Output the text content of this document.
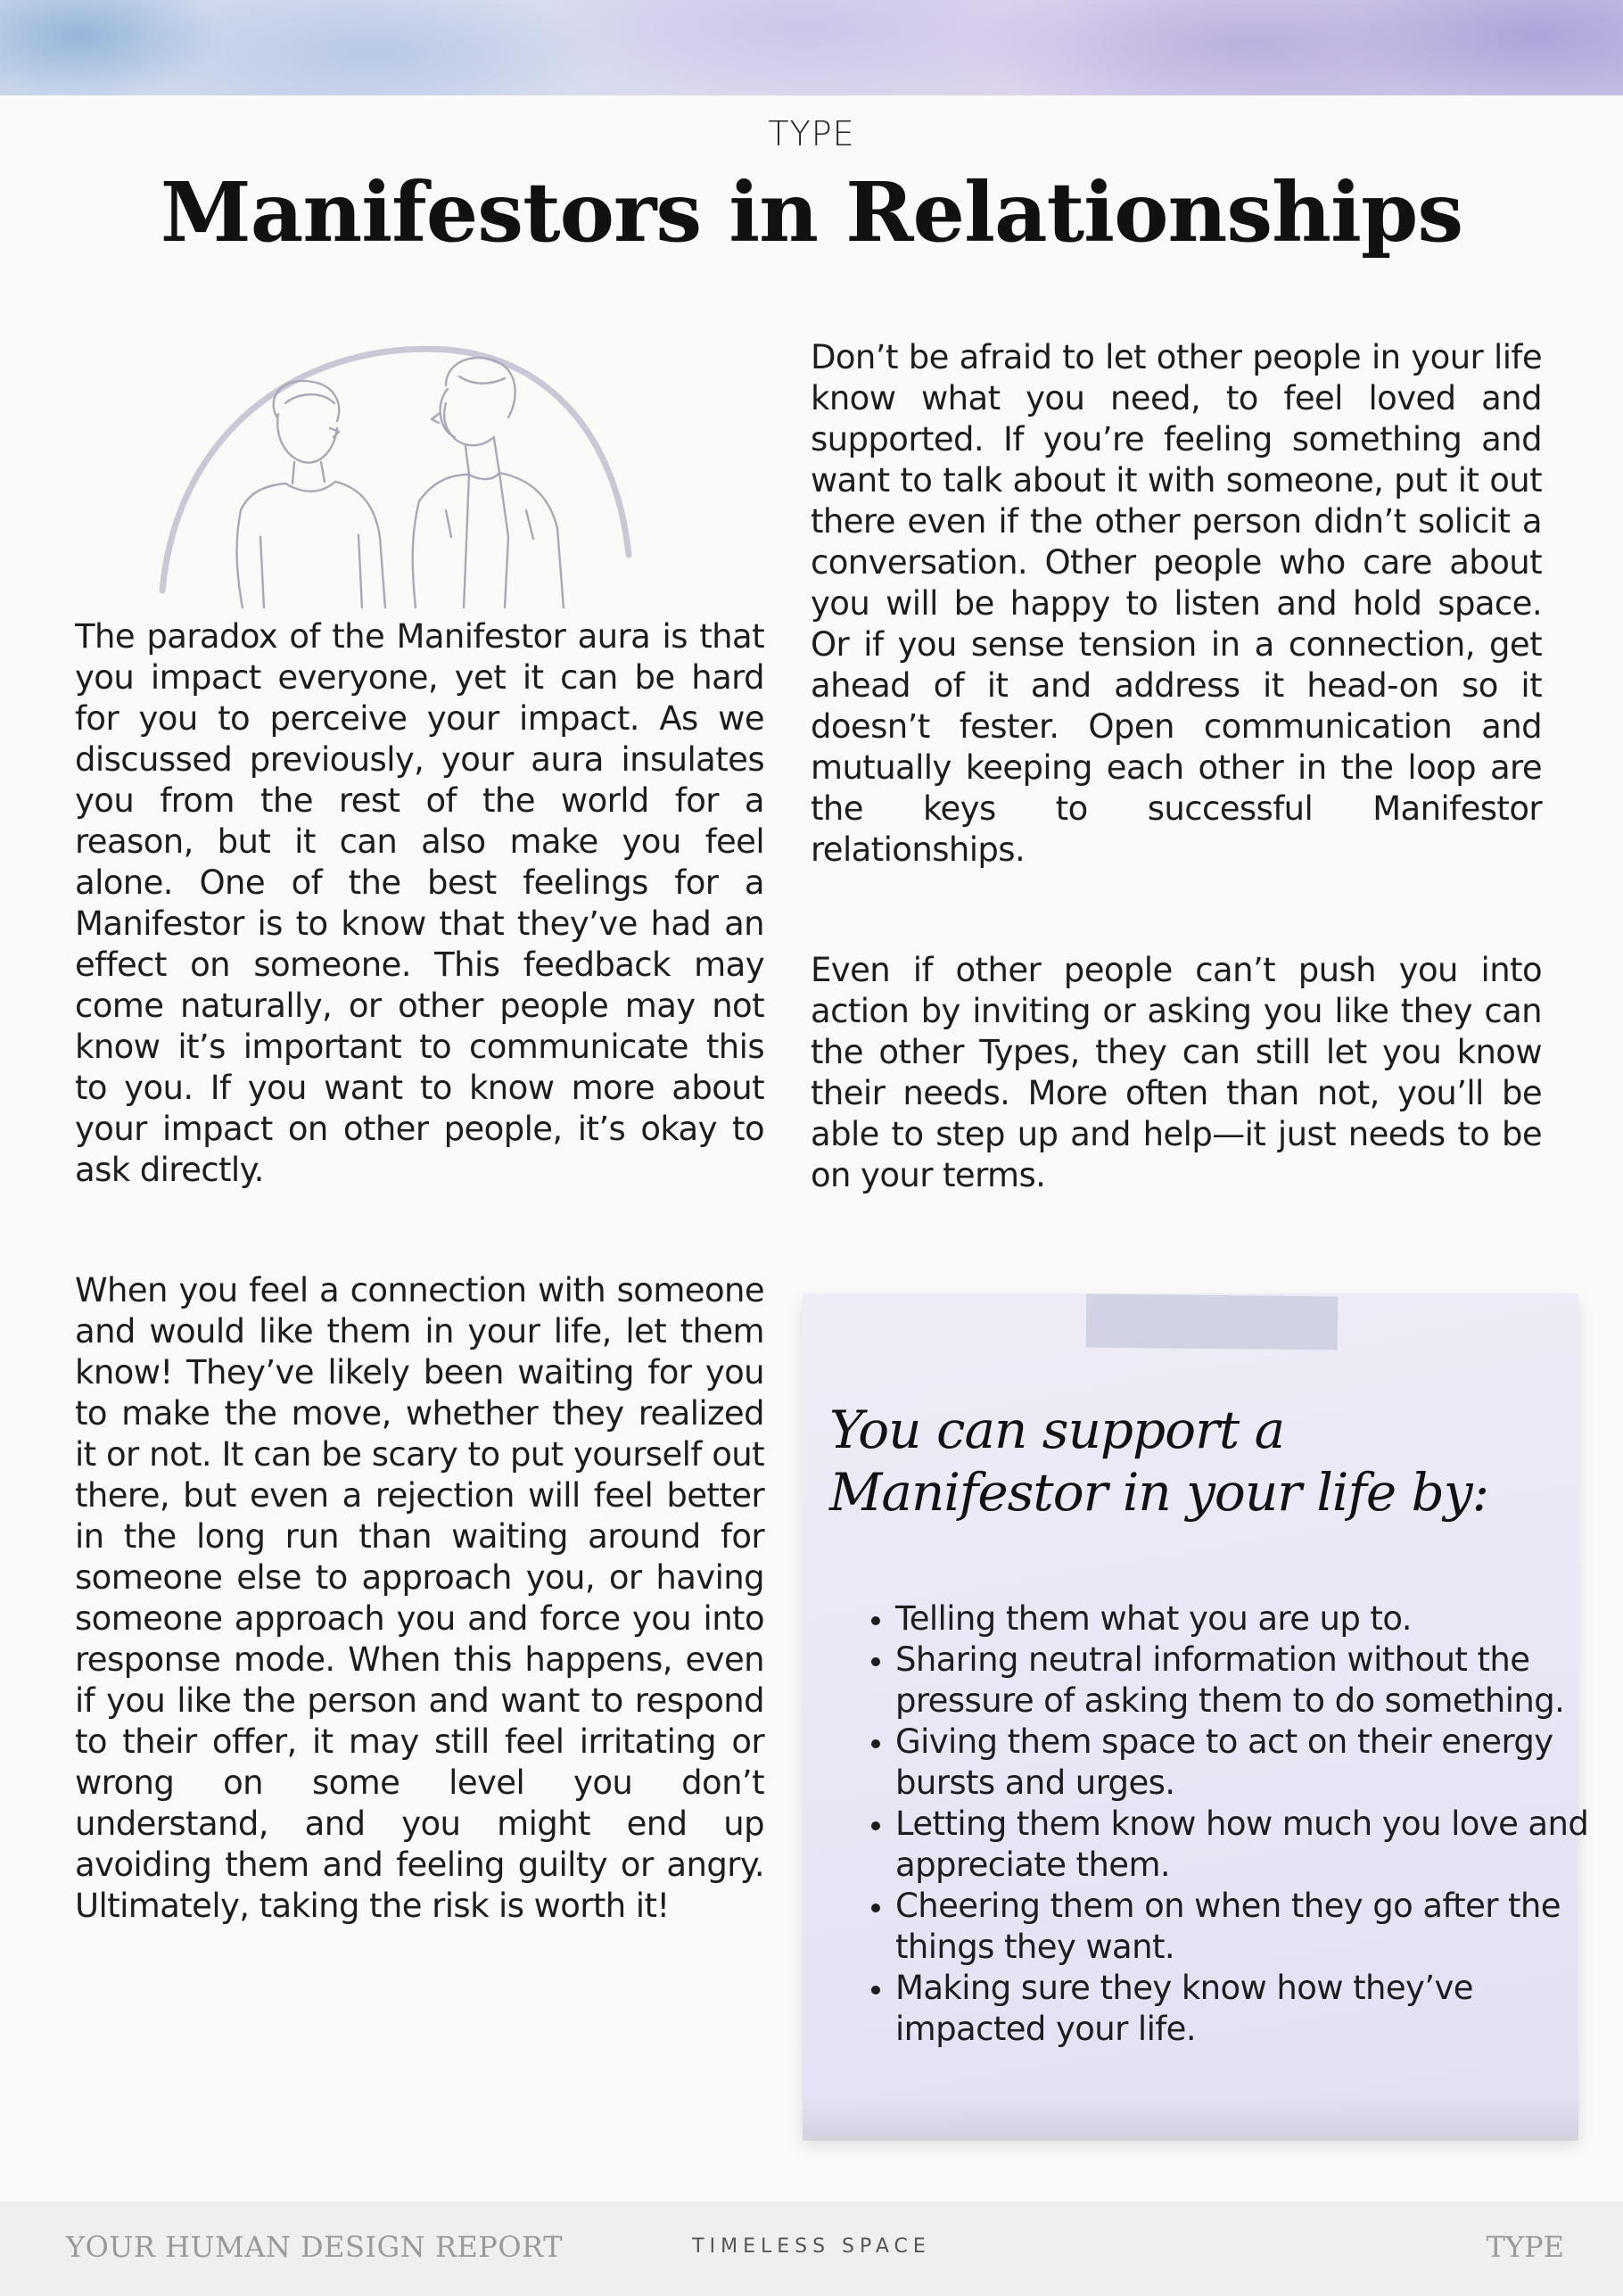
TYPE
Manifestors in Relationships

The paradox of the Manifestor aura is that you impact everyone, yet it can be hard for you to perceive your impact. As we discussed previously, your aura insulates you from the rest of the world for a reason, but it can also make you feel alone. One of the best feelings for a Manifestor is to know that they’ve had an effect on someone. This feedback may come naturally, or other people may not know it’s important to communicate this to you. If you want to know more about your impact on other people, it’s okay to ask directly.

When you feel a connection with someone and would like them in your life, let them know! They’ve likely been waiting for you to make the move, whether they realized it or not. It can be scary to put yourself out there, but even a rejection will feel better in the long run than waiting around for someone else to approach you, or having someone approach you and force you into response mode. When this happens, even if you like the person and want to respond to their offer, it may still feel irritating or wrong on some level you don’t understand, and you might end up avoiding them and feeling guilty or angry. Ultimately, taking the risk is worth it!

Don’t be afraid to let other people in your life know what you need, to feel loved and supported. If you’re feeling something and want to talk about it with someone, put it out there even if the other person didn’t solicit a conversation. Other people who care about you will be happy to listen and hold space. Or if you sense tension in a connection, get ahead of it and address it head-on so it doesn’t fester. Open communication and mutually keeping each other in the loop are the keys to successful Manifestor relationships.

Even if other people can’t push you into action by inviting or asking you like they can the other Types, they can still let you know their needs. More often than not, you’ll be able to step up and help—it just needs to be on your terms.

You can support a Manifestor in your life by:

• Telling them what you are up to.
• Sharing neutral information without the pressure of asking them to do something.
• Giving them space to act on their energy bursts and urges.
• Letting them know how much you love and appreciate them.
• Cheering them on when they go after the things they want.
• Making sure they know how they’ve impacted your life.
YOUR HUMAN DESIGN REPORT	TIMELESS SPACE	TYPE
